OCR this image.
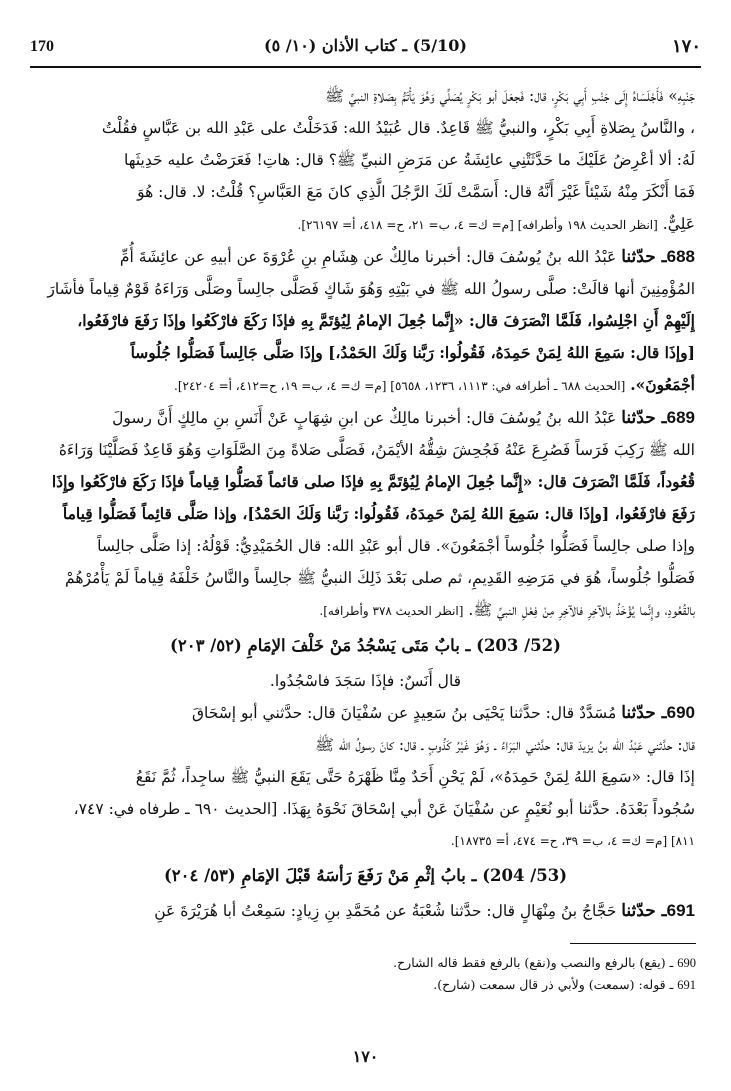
170	(5/10) ـ كتاب الأذان (١٠/ ٥)	١٧٠
جَنْبِهِ» فَأَجْلَسَاهُ إِلَى جَنْبِ أَبِي بَكْرٍ، قال: فَجعَلَ أبو بَكْرٍ يُصَلِّي وَهُوَ يَأْتَمُّ بِصَلاةِ النبيِّ ﷺ
، والنَّاسُ بِصَلاةِ أَبِي بَكْرٍ، والنبيُّ ﷺ قَاعِدٌ. قال عُبَيْدُ الله: فَدَخَلْتُ على عَبْدِ الله بن عَبَّاسٍ فقُلْتُ
لَهُ: ألا أعْرِضُ عَلَيْكَ ما حَدَّثَتْنِي عائِشَةُ عن مَرَضِ النبيِّ ﷺ؟ قال: هاتِ! فَعَرَضْتُ عليه حَدِيثَها
فَمَا أَنْكَرَ مِنْهُ شَيْئاً غَيْرَ أَنَّهُ قال: أَسَمَّتْ لَكَ الرَّجُلَ الَّذِي كانَ مَعَ العَبَّاسِ؟ قُلْتُ: لا. قال: هُوَ
عَلِيٌّ. [انظر الحديث ١٩٨ وأطرافه] [م= ك= ٤، ب= ٢١، ح= ٤١٨، أ= ٢٦١٩٧].
688ـ حدّثنا عَبْدُ الله بنُ يُوسُفَ قال: أخبرنا مالِكٌ عن هِشَامِ بنِ عُرْوَةَ عن أبيهِ عن عائِشَةَ أُمِّ
المُؤْمِنِينَ أنها قالَتْ: صلَّى رسولُ الله ﷺ في بَيْتِهِ وَهُوَ شَاكٍ فَصَلَّى جالِساً وصَلَّى وَرَاءَهُ قَوْمٌ قِياماً فأشَارَ
إِلَيْهِمْ أَنِ اجْلِسُوا، فَلَمَّا انْصَرَفَ قال: «إِنَّما جُعِلَ الإمامُ لِيُؤتَمَّ بِهِ فإذَا رَكَعَ فارْكَعُوا وإذَا رَفَعَ فارْفَعُوا،
[وإذَا قال: سَمِعَ اللهُ لِمَنْ حَمِدَهُ، فَقُولُوا: رَبَّنا وَلَكَ الحَمْدُ،] وإذَا صَلَّى جَالِساً فَصَلُّوا جُلُوساً
أجْمَعُونَ». [الحديث ٦٨٨ ـ أطرافه في: ١١١٣، ١٢٣٦، ٥٦٥٨] [م= ك= ٤، ب= ١٩، ح=٤١٢، أ= ٢٤٢٠٤].
689ـ حدّثنا عَبْدُ الله بنُ يُوسُفَ قال: أخبرنا مالِكٌ عن ابنِ شِهَابٍ عَنْ أَنَسِ بنِ مالِكٍ أَنَّ رسولَ
الله ﷺ رَكِبَ فَرَساً فَصُرِعَ عَنْهُ فَجُحِشَ شِقُّهُ الأيْمَنُ، فَصَلَّى صَلاةً مِنَ الصَّلَوَاتِ وَهُوَ قَاعِدٌ فَصَلَّيْنَا وَرَاءَهُ
قُعُوداً، فَلَمَّا انْصَرَفَ قال: «إِنَّما جُعِلَ الإمامُ لِيُؤتَمَّ بِهِ فإذَا صلى قائماً فَصَلُّوا قِياماً فإذَا رَكَعَ فارْكَعُوا وإِذَا
رَفَعَ فارْفَعُوا، [وإذَا قال: سَمِعَ اللهُ لِمَنْ حَمِدَهُ، فَقُولُوا: رَبَّنا وَلَكَ الحَمْدُ]، وإذا صَلَّى قائِماً فَصَلُّوا قِياماً
وإذا صلى جالِساً فَصَلُّوا جُلُوساً أجْمَعُونَ». قال أبو عَبْدِ الله: قال الحُمَيْدِيُّ: قَوْلُهُ: إذا صَلَّى جالِساً
فَصَلُّوا جُلُوساً، هُوَ في مَرَضِهِ القَدِيمِ، ثم صلى بَعْدَ ذَلِكَ النبيُّ ﷺ جالِساً والنَّاسُ خَلْفَهُ قِياماً لَمْ يَأْمُرْهُمْ
بالقُعُودِ، وإِنَّما يُؤْخَذُ بالآخِرِ فالآخِرِ مِنْ فِعْلِ النبيِّ ﷺ. [انظر الحديث ٣٧٨ وأطرافه].
(52/ 203) ـ بابٌ مَتَى يَسْجُدُ مَنْ خَلْفَ الإمَامِ (٥٢/ ٢٠٣)
قال أَنَسٌ: فإذَا سَجَدَ فاسْجُدُوا.
690ـ حدّثنا مُسَدَّدٌ قال: حدَّثنا يَحْيَى بنُ سَعِيدٍ عن سُفْيَانَ قال: حدَّثني أبو إسْحَاقَ
قال: حدَّثني عَبْدُ الله بنُ يزيدَ قال: حدَّثني البَرَاءُ ـ وَهُوَ غَيْرُ كَذُوبٍ ـ قال: كانَ رسولُ الله ﷺ
إذَا قال: «سَمِعَ اللهُ لِمَنْ حَمِدَهُ»، لَمْ يَحْنِ أَحَدٌ مِنَّا ظَهْرَهُ حَتَّى يَقَعَ النبيُّ ﷺ ساجِداً، ثُمَّ نَقَعُ
سُجُوداً بَعْدَهُ. حدَّثنا أبو نُعَيْمٍ عن سُفْيَانَ عَنْ أبي إسْحَاقَ نَحْوَهُ بِهَذَا. [الحديث ٦٩٠ ـ طرفاه في: ٧٤٧،
٨١١] [م= ك= ٤، ب= ٣٩، ح= ٤٧٤، أ= ١٨٧٣٥].
(53/ 204) ـ بابُ إثْمِ مَنْ رَفَعَ رَأسَهُ قَبْلَ الإمَامِ (٥٣/ ٢٠٤)
691ـ حدّثنا حَجَّاجُ بنُ مِنْهَالٍ قال: حدَّثنا شُعْبَةُ عن مُحَمَّدِ بنِ زِيادٍ: سَمِعْتُ أبا هُرَيْرَةَ عَنِ
690 ـ (يقع) بالرفع والنصب و(نقع) بالرفع فقط قاله الشارح.
691 ـ قوله: (سمعت) ولأبي ذر قال سمعت (شارح).
١٧٠
